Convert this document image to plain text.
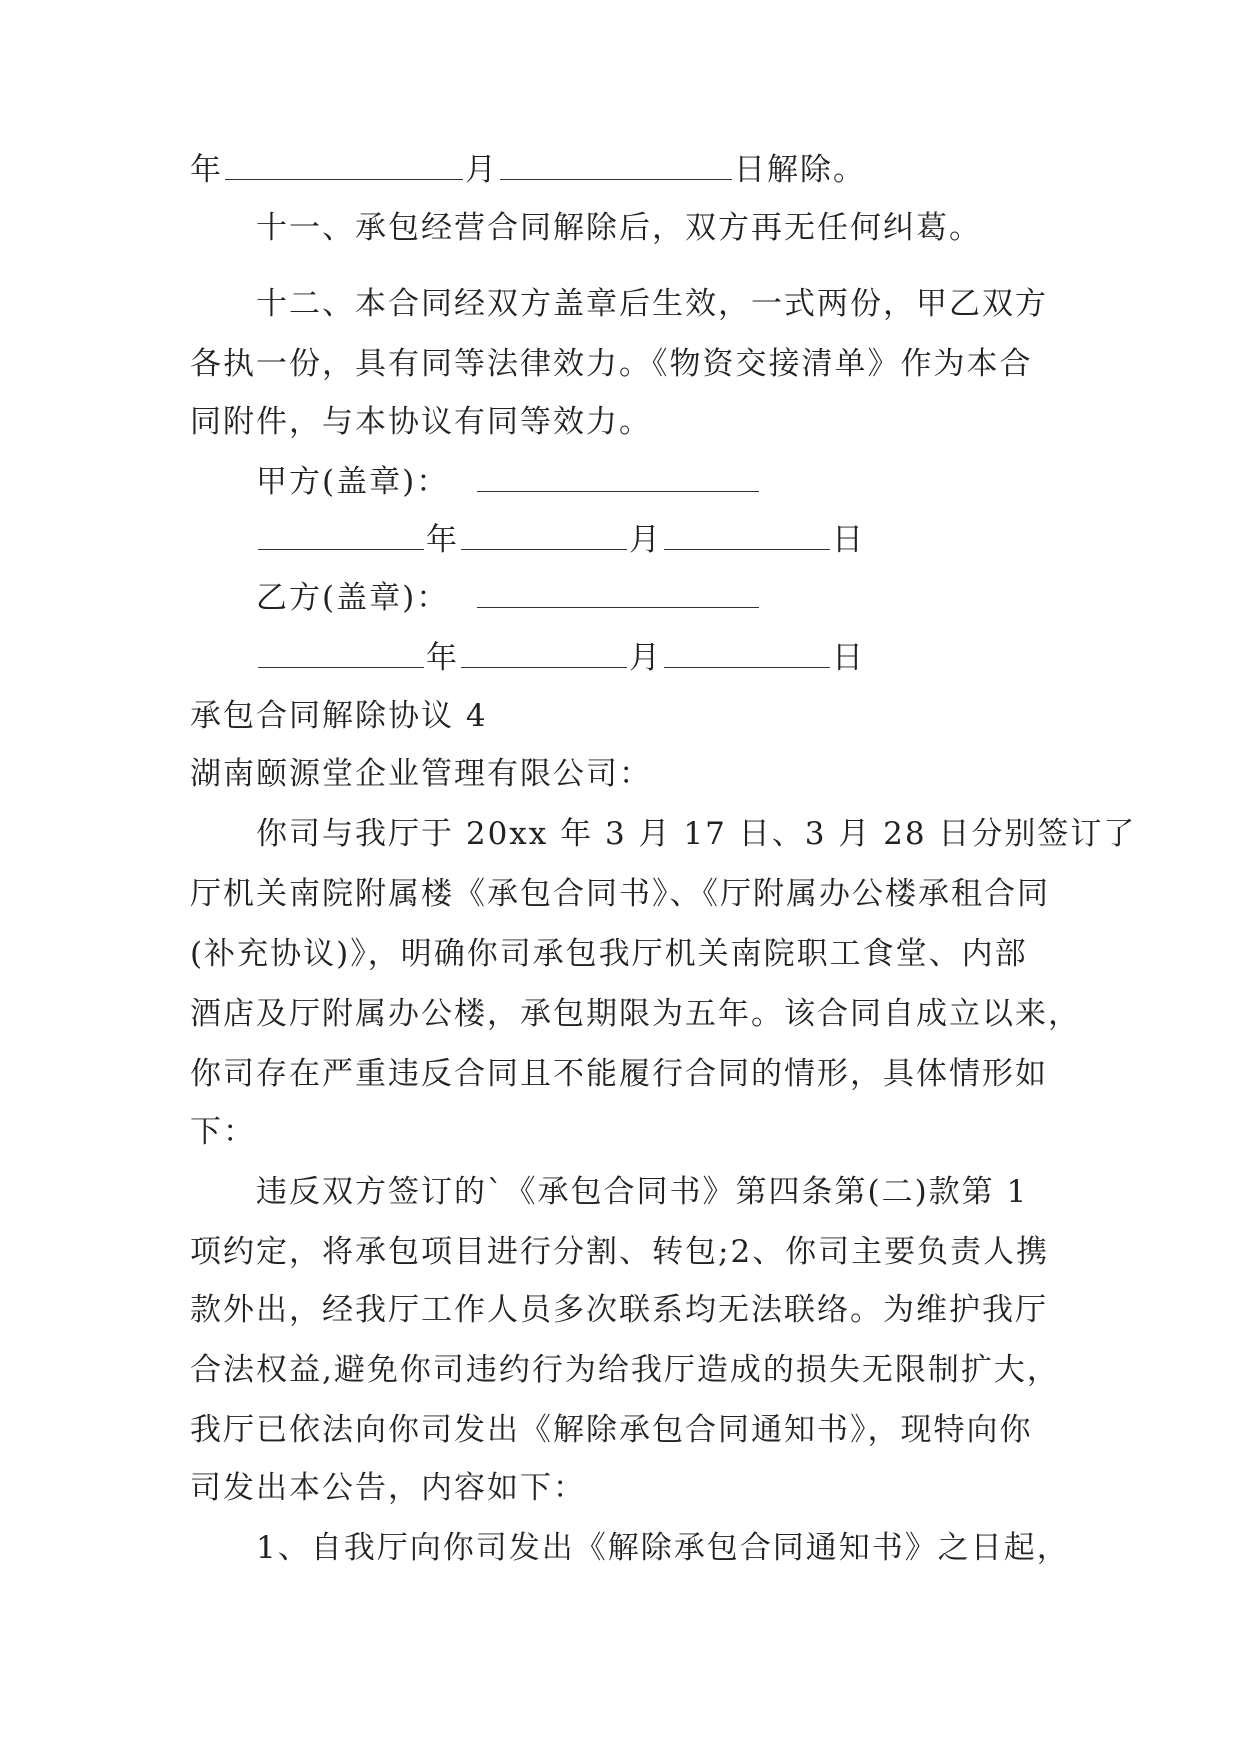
年	月	日解除。
十一、承包经营合同解除后，双方再无任何纠葛。
十二、本合同经双方盖章后生效，一式两份，甲乙双方
各执一份，具有同等法律效力。《物资交接清单》作为本合
同附件，与本协议有同等效力。
甲方(盖章)：
年	月	日
乙方(盖章)：
年	月	日
承包合同解除协议 4
湖南颐源堂企业管理有限公司：
你司与我厅于 20xx 年 3 月 17 日、3 月 28 日分别签订了
厅机关南院附属楼《承包合同书》、《厅附属办公楼承租合同
(补充协议)》，明确你司承包我厅机关南院职工食堂、内部
酒店及厅附属办公楼，承包期限为五年。该合同自成立以来，
你司存在严重违反合同且不能履行合同的情形，具体情形如
下：
违反双方签订的`《承包合同书》第四条第(二)款第 1
项约定，将承包项目进行分割、转包;2、你司主要负责人携
款外出，经我厅工作人员多次联系均无法联络。为维护我厅
合法权益,避免你司违约行为给我厅造成的损失无限制扩大，
我厅已依法向你司发出《解除承包合同通知书》，现特向你
司发出本公告，内容如下：
1、自我厅向你司发出《解除承包合同通知书》之日起，
